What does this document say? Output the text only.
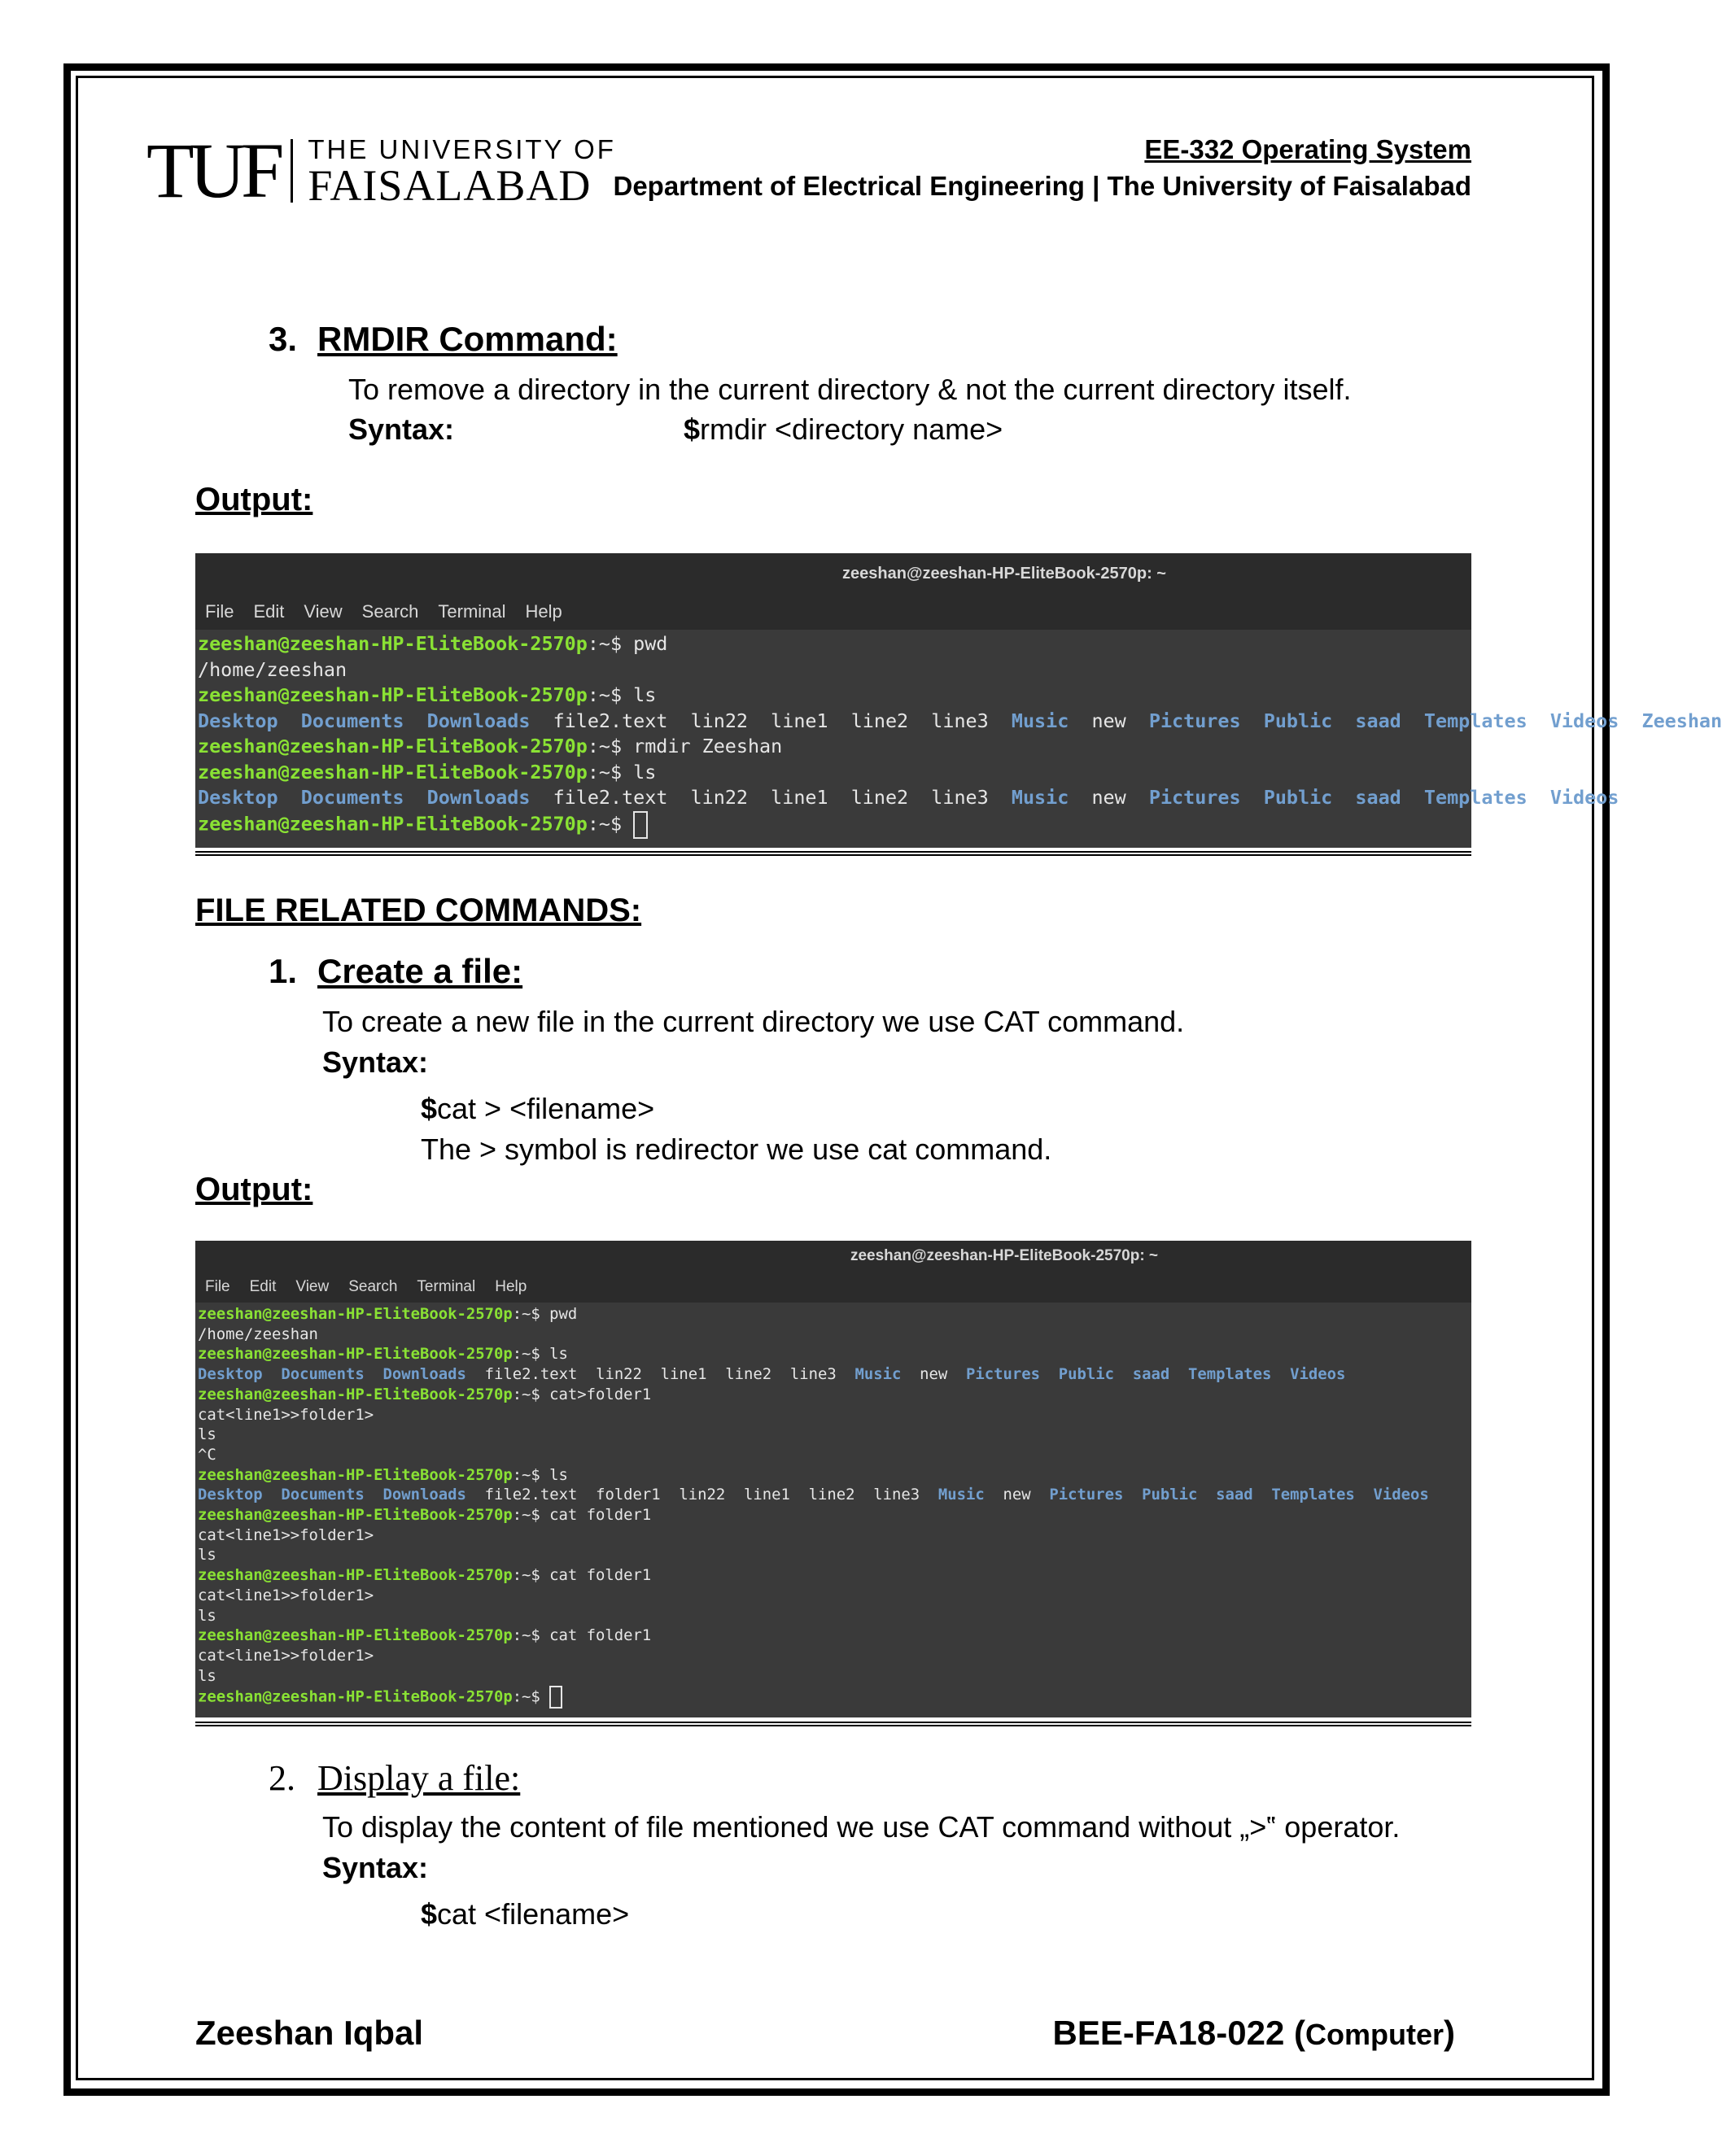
TUF THE UNIVERSITY OF
FAISALABAD
EE-332 Operating System
Department of Electrical Engineering | The University of Faisalabad
3. RMDIR Command:
To remove a directory in the current directory & not the current directory itself.
Syntax:	$rmdir <directory name>
Output:
zeeshan@zeeshan-HP-EliteBook-2570p: ~
File Edit View Search Terminal Help
zeeshan@zeeshan-HP-EliteBook-2570p:~$ pwd
/home/zeeshan
zeeshan@zeeshan-HP-EliteBook-2570p:~$ ls
Desktop Documents Downloads  file2.text  lin22  line1  line2  line3  Music  new  Pictures Public saad Templates Videos Zeeshan
zeeshan@zeeshan-HP-EliteBook-2570p:~$ rmdir Zeeshan
zeeshan@zeeshan-HP-EliteBook-2570p:~$ ls
Desktop Documents Downloads  file2.text  lin22  line1  line2  line3  Music  new  Pictures Public saad Templates Videos
zeeshan@zeeshan-HP-EliteBook-2570p:~$
FILE RELATED COMMANDS:
1. Create a file:
To create a new file in the current directory we use CAT command.
Syntax:
$cat > <filename>
The > symbol is redirector we use cat command.
Output:
zeeshan@zeeshan-HP-EliteBook-2570p: ~
File Edit View Search Terminal Help
zeeshan@zeeshan-HP-EliteBook-2570p:~$ pwd
/home/zeeshan
zeeshan@zeeshan-HP-EliteBook-2570p:~$ ls
Desktop Documents Downloads  file2.text  lin22  line1  line2  line3  Music  new  Pictures Public saad Templates Videos
zeeshan@zeeshan-HP-EliteBook-2570p:~$ cat>folder1
cat<line1>>folder1>
ls
^C
zeeshan@zeeshan-HP-EliteBook-2570p:~$ ls
Desktop Documents Downloads  file2.text  folder1  lin22  line1  line2  line3  Music  new  Pictures Public saad Templates Videos
zeeshan@zeeshan-HP-EliteBook-2570p:~$ cat folder1
cat<line1>>folder1>
ls
zeeshan@zeeshan-HP-EliteBook-2570p:~$ cat folder1
cat<line1>>folder1>
ls
zeeshan@zeeshan-HP-EliteBook-2570p:~$ cat folder1
cat<line1>>folder1>
ls
zeeshan@zeeshan-HP-EliteBook-2570p:~$
2. Display a file:
To display the content of file mentioned we use CAT command without „>‟ operator.
Syntax:
$cat <filename>
Zeeshan Iqbal	BEE-FA18-022 (Computer)
